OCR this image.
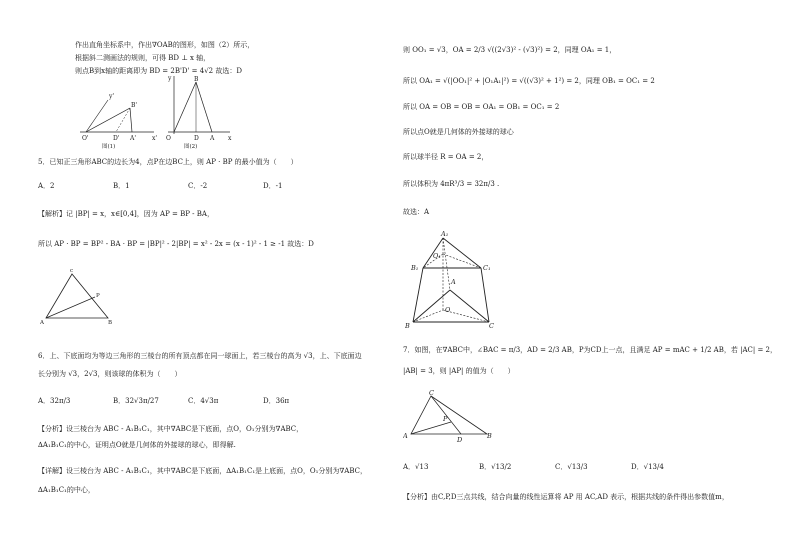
作出直角坐标系中，作出∇OAB的图形，如图（2）所示，
根据斜二测画法的规则，可得 BD ⊥ x 轴，
则点B到x轴的距离即为 BD = 2B'D' = 4√2 故选：D
O'	D' A'
B'
x'
y'
图(1)
O	D A
B
x
y
图(2)
5．已知正三角形ABC的边长为4，点P在边BC上，则 AP · BP 的最小值为（　　）
A．2	B．1	C．-2	D．-1
【解析】记 |BP| = x，x∈[0,4]，因为 AP = BP - BA，
所以 AP · BP = BP² - BA · BP = |BP|² - 2|BP| = x² - 2x = (x - 1)² - 1 ≥ -1 故选：D
c
A	B
P
6．上、下底面均为等边三角形的三棱台的所有顶点都在同一球面上，若三棱台的高为 √3，上、下底面边
长分别为 √3，2√3，则该球的体积为（　　）
A．32π/3	B．32√3π/27	C．4√3π	D．36π
【分析】设三棱台为 ABC - A₁B₁C₁，其中∇ABC是下底面，点O，O₁分别为∇ABC，
∆A₁B₁C₁的中心，证明点O就是几何体的外接球的球心，即得解.
【详解】设三棱台为 ABC - A₁B₁C₁，其中∇ABC是下底面，∆A₁B₁C₁是上底面，点O，O₁分别为∇ABC，
∆A₁B₁C₁的中心，
则 OO₁ = √3，OA = 2/3 √((2√3)² - (√3)²) = 2，同理 OA₁ = 1，
所以 OA₁ = √(|OO₁|² + |O₁A₁|²) = √((√3)² + 1²) = 2，同理 OB₁ = OC₁ = 2
所以 OA = OB = OB = OA₁ = OB₁ = OC₁ = 2
所以点O就是几何体的外接球的球心
所以球半径 R = OA = 2，
所以体积为 4πR³/3 = 32π/3 .
故选：A
A₁
O₁
B₁	C₁
A
O
B	C
7．如图，在∇ABC中，∠BAC = π/3，AD = 2/3 AB，P为CD上一点，且满足 AP = mAC + 1/2 AB，若 |AC| = 2，
|AB| = 3，则 |AP| 的值为（　　）
C
A
P
D	B
A．√13	B．√13/2	C．√13/3	D．√13/4
【分析】由C,P,D三点共线，结合向量的线性运算将 AP 用 AC,AD 表示，根据共线的条件得出参数值m，
